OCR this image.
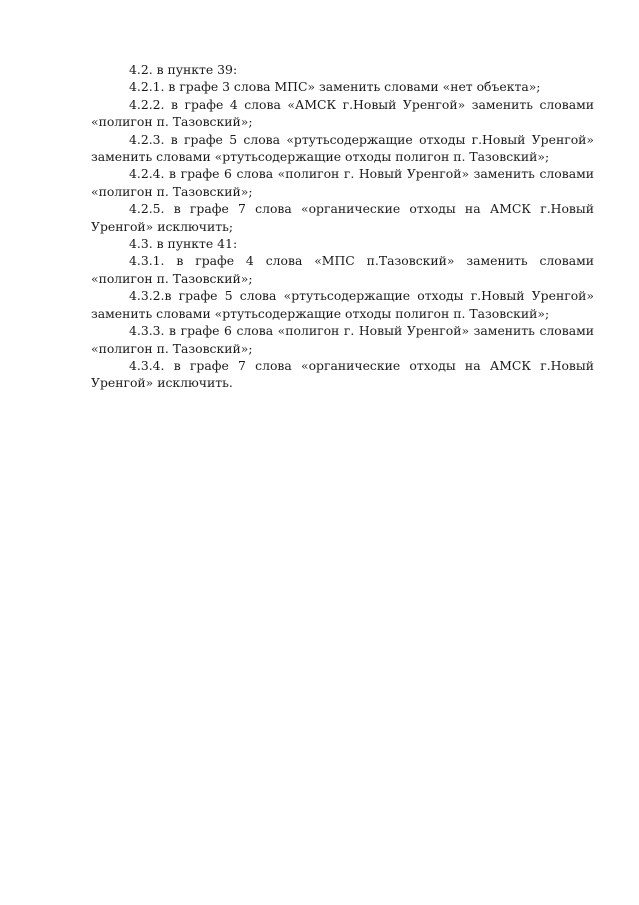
4.2. в пункте 39:

4.2.1. в графе 3 слова МПС» заменить словами «нет объекта»;

4.2.2. в графе 4 слова «АМСК г.Новый Уренгой» заменить словами «полигон п. Тазовский»;

4.2.3. в графе 5 слова «ртутьсодержащие отходы г.Новый Уренгой» заменить словами «ртутьсодержащие отходы полигон п. Тазовский»;

4.2.4. в графе 6 слова «полигон г. Новый Уренгой» заменить словами «полигон п. Тазовский»;

4.2.5. в графе 7 слова «органические отходы на АМСК г.Новый Уренгой» исключить;

4.3. в пункте 41:

4.3.1. в графе 4 слова «МПС п.Тазовский» заменить словами «полигон п. Тазовский»;

4.3.2.в графе 5 слова «ртутьсодержащие отходы г.Новый Уренгой» заменить словами «ртутьсодержащие отходы полигон п. Тазовский»;

4.3.3. в графе 6 слова «полигон г. Новый Уренгой» заменить словами «полигон п. Тазовский»;

4.3.4. в графе 7 слова «органические отходы на АМСК г.Новый Уренгой» исключить.
